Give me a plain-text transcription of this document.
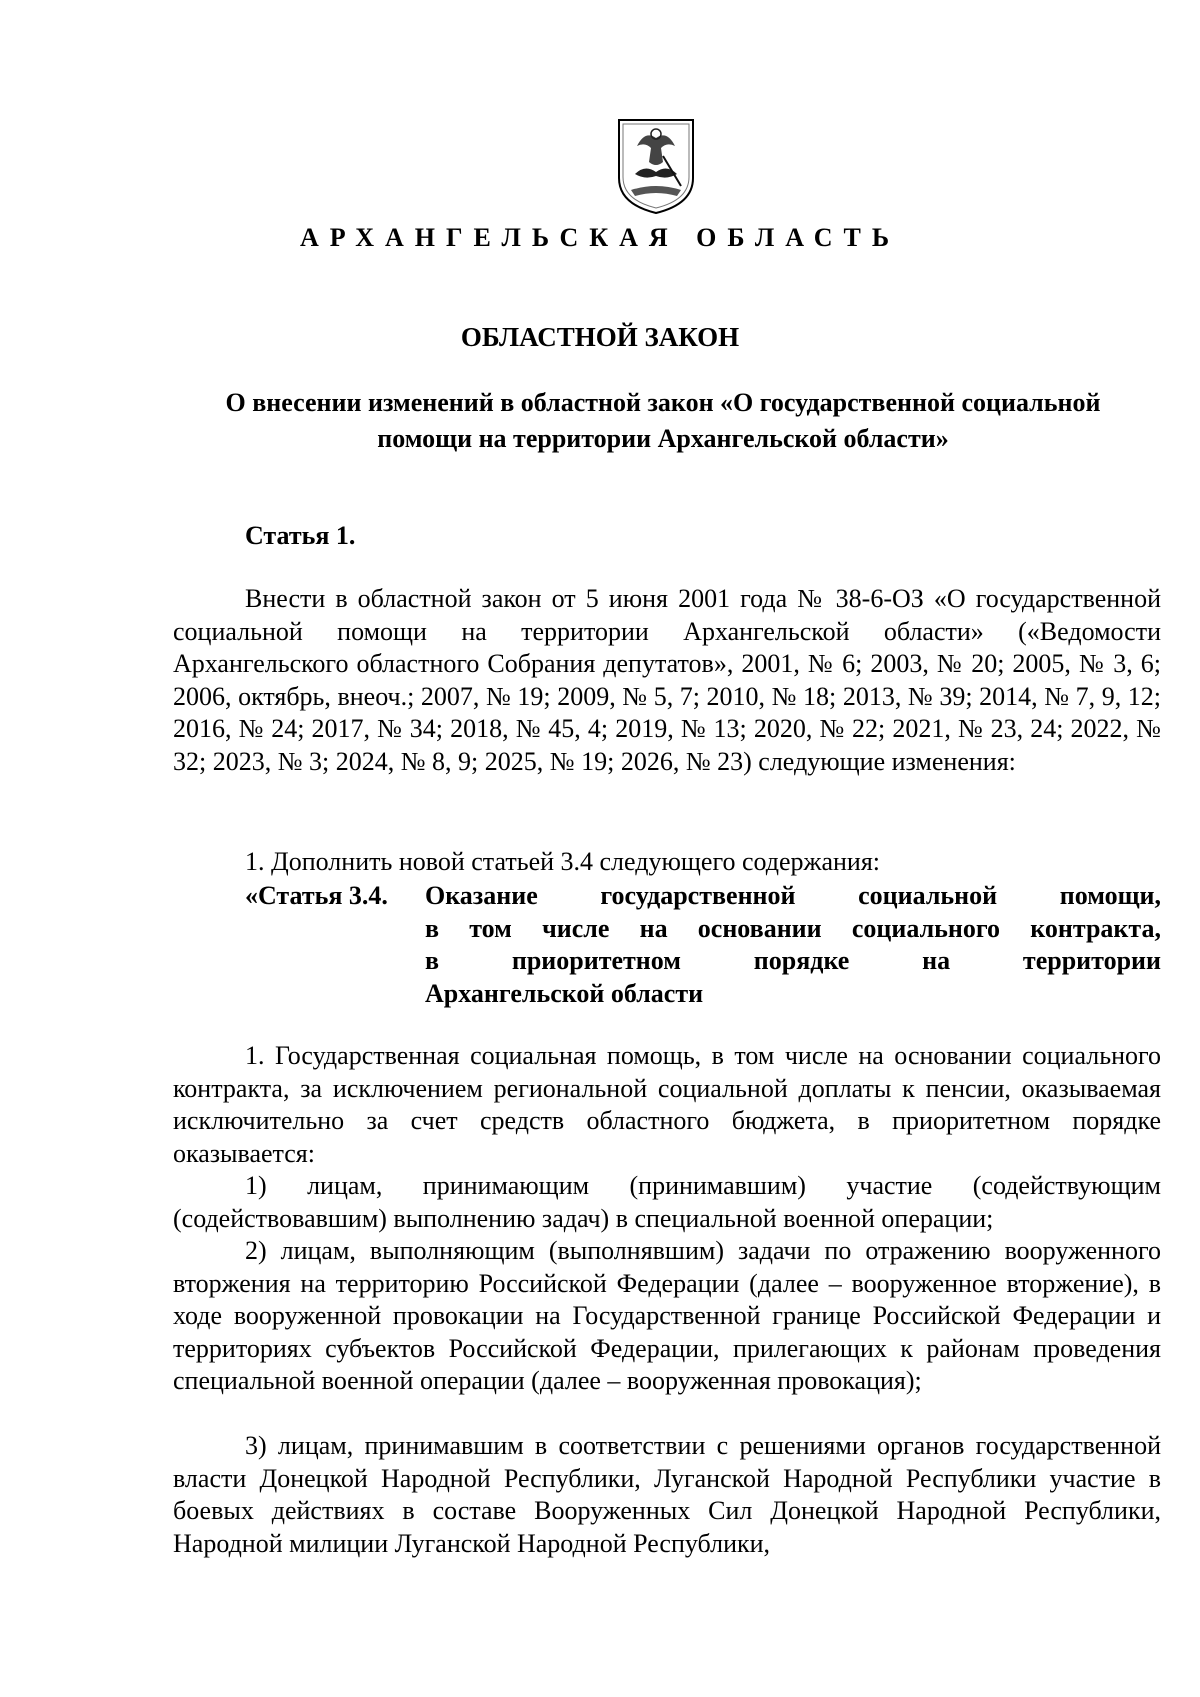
АРХАНГЕЛЬСКАЯ ОБЛАСТЬ
ОБЛАСТНОЙ ЗАКОН
О внесении изменений в областной закон «О государственной социальной
помощи на территории Архангельской области»
Статья 1.
Внести в областной закон от 5 июня 2001 года № 38-6-ОЗ «О государственной социальной помощи на территории Архангельской области» («Ведомости Архангельского областного Собрания депутатов», 2001, № 6; 2003, № 20; 2005, № 3, 6; 2006, октябрь, внеоч.; 2007, № 19; 2009, № 5, 7; 2010, № 18; 2013, № 39; 2014, № 7, 9, 12; 2016, № 24; 2017, № 34; 2018, № 45, 4; 2019, № 13; 2020, № 22; 2021, № 23, 24; 2022, № 32; 2023, № 3; 2024, № 8, 9; 2025, № 19; 2026, № 23) следующие изменения:
1. Дополнить новой статьей 3.4 следующего содержания:
«Статья 3.4. Оказание государственной социальной помощи,
в том числе на основании социального контракта,
в приоритетном порядке на территории
Архангельской области
1. Государственная социальная помощь, в том числе на основании социального контракта, за исключением региональной социальной доплаты к пенсии, оказываемая исключительно за счет средств областного бюджета, в приоритетном порядке оказывается:
1) лицам, принимающим (принимавшим) участие (содействующим (содействовавшим) выполнению задач) в специальной военной операции;
2) лицам, выполняющим (выполнявшим) задачи по отражению вооруженного вторжения на территорию Российской Федерации (далее – вооруженное вторжение), в ходе вооруженной провокации на Государственной границе Российской Федерации и территориях субъектов Российской Федерации, прилегающих к районам проведения специальной военной операции (далее – вооруженная провокация);
3) лицам, принимавшим в соответствии с решениями органов государственной власти Донецкой Народной Республики, Луганской Народной Республики участие в боевых действиях в составе Вооруженных Сил Донецкой Народной Республики, Народной милиции Луганской Народной Республики,
